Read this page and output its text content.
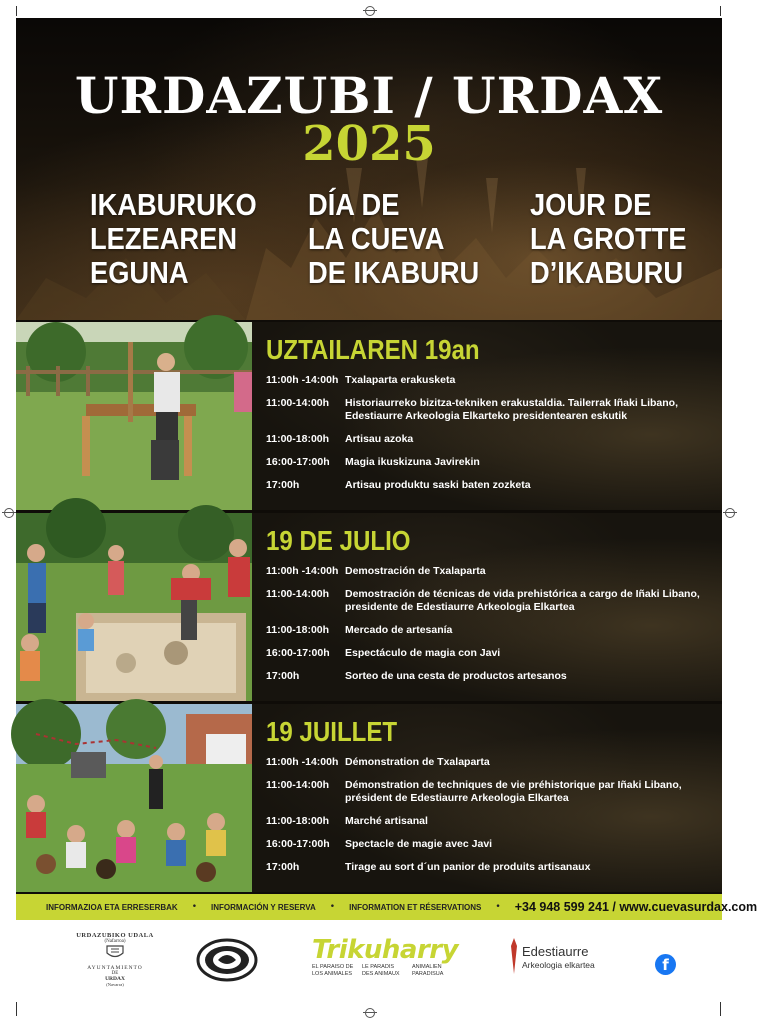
URDAZUBI / URDAX
2025
IKABURUKO
LEZEAREN
EGUNA
DÍA DE
LA CUEVA
DE IKABURU
JOUR DE
LA GROTTE
D’IKABURU
UZTAILAREN 19an
11:00h -14:00h Txalaparta erakusketa
11:00-14:00h	Historiaurreko bizitza-tekniken erakustaldia. Tailerrak Iñaki Libano, Edestiaurre Arkeologia Elkarteko presidentearen eskutik
11:00-18:00h	Artisau azoka
16:00-17:00h	Magia ikuskizuna Javirekin
17:00h	Artisau produktu saski baten zozketa
19 DE JULIO
11:00h -14:00h Demostración de Txalaparta
11:00-14:00h	Demostración de técnicas de vida prehistórica a cargo de Iñaki Libano, presidente de Edestiaurre Arkeologia Elkartea
11:00-18:00h	Mercado de artesanía
16:00-17:00h	Espectáculo de magia con Javi
17:00h	Sorteo de una cesta de productos artesanos
19 JUILLET
11:00h -14:00h Démonstration de Txalaparta
11:00-14:00h	Démonstration de techniques de vie préhistorique par Iñaki Libano, président de Edestiaurre Arkeologia Elkartea
11:00-18:00h	Marché artisanal
16:00-17:00h	Spectacle de magie avec Javi
17:00h	Tirage au sort d´un panior de produits artisanaux
INFORMAZIOA ETA ERRESERBAK • INFORMACIÓN Y RESERVA • INFORMATION ET RÉSERVATIONS • +34 948 599 241 / www.cuevasurdax.com
URDAZUBIKO UDALA
(Nafarroa)
AYUNTAMIENTO
DE
URDAX
(Navarra)
Trikuharry
EL PARAISO DE LOS ANIMALES
LE PARADIS DES ANIMAUX
ANIMALIEN PARADISUA
Edestiaurre
Arkeologia elkartea	f
